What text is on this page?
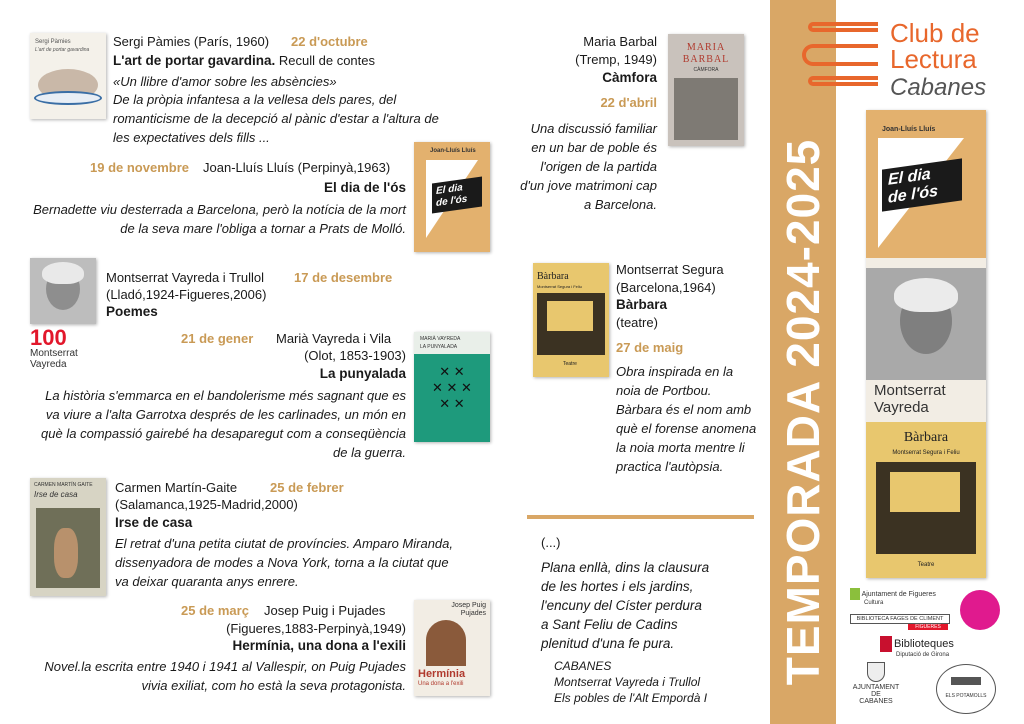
Sergi Pàmies
L'art de portar gavardina
Sergi Pàmies (París, 1960) 22 d'octubre
L'art de portar gavardina. Recull de contes
«Un llibre d'amor sobre les absències»
De la pròpia infantesa a la vellesa dels pares, del romanticisme de la decepció al pànic d'estar a l'altura de les expectatives dels fills ...
19 de novembre Joan-Lluís Lluís (Perpinyà,1963)
El dia de l'ós
Bernadette viu desterrada a Barcelona, però la notícia de la mort de la seva mare l'obliga a tornar a Prats de Molló.
Joan-Lluís Lluís
El dia
de l'ós
100
Montserrat
Vayreda
Montserrat Vayreda i Trullol 17 de desembre
(Lladó,1924-Figueres,2006)
Poemes
21 de gener Marià Vayreda i Vila
(Olot, 1853-1903)
La punyalada
La història s'emmarca en el bandolerisme més sagnant que es va viure a l'alta Garrotxa després de les carlinades, un món en què la compassió gairebé ha desaparegut com a conseqüència de la guerra.
MARIÀ VAYREDA
LA PUNYALADA
✕ ✕
✕ ✕ ✕
✕ ✕
CARMEN MARTÍN GAITE
Irse de casa	Carmen Martín-Gaite	25 de febrer
(Salamanca,1925-Madrid,2000)
Irse de casa
El retrat d'una petita ciutat de províncies. Amparo Miranda, dissenyadora de modes a Nova York, torna a la ciutat que va deixar quaranta anys enrere.
25 de març Josep Puig i Pujades
(Figueres,1883-Perpinyà,1949)
Hermínia, una dona a l'exili
Novel.la escrita entre 1940 i 1941 al Vallespir, on Puig Pujades vivia exiliat, com ho està la seva protagonista.
Josep Puig
Pujades
Hermínia
Una dona a l'exili
Maria Barbal
(Tremp, 1949)
Càmfora
22 d'abril
Una discussió familiar en un bar de poble és l'origen de la partida d'un jove matrimoni cap a Barcelona.
MARIA
BARBAL
CÀMFORA
Bàrbara
Montserrat Segura i Feliu
Teatre
Montserrat Segura
(Barcelona,1964)
Bàrbara
(teatre)
27 de maig
Obra inspirada en la noia de Portbou. Bàrbara és el nom amb què el forense anomena la noia morta mentre li practica l'autòpsia.
(...)
Plana enllà, dins la clausura
de les hortes i els jardins,
l'encuny del Císter perdura
a Sant Feliu de Cadins
plenitud d'una fe pura.
CABANES
Montserrat Vayreda i Trullol
Els pobles de l'Alt Empordà I
TEMPORADA 2024-2025
Club de
Lectura
Cabanes
Joan-Lluís Lluís
El dia
de l'ós
Montserrat
Vayreda
Bàrbara
Montserrat Segura i Feliu
Teatre
Ajuntament de Figueres
Cultura
BIBLIOTECA FAGES DE CLIMENT
FIGUERES
Biblioteques
Diputació de Girona
AJUNTAMENT
DE
CABANES
ELS POTAMOLLS
